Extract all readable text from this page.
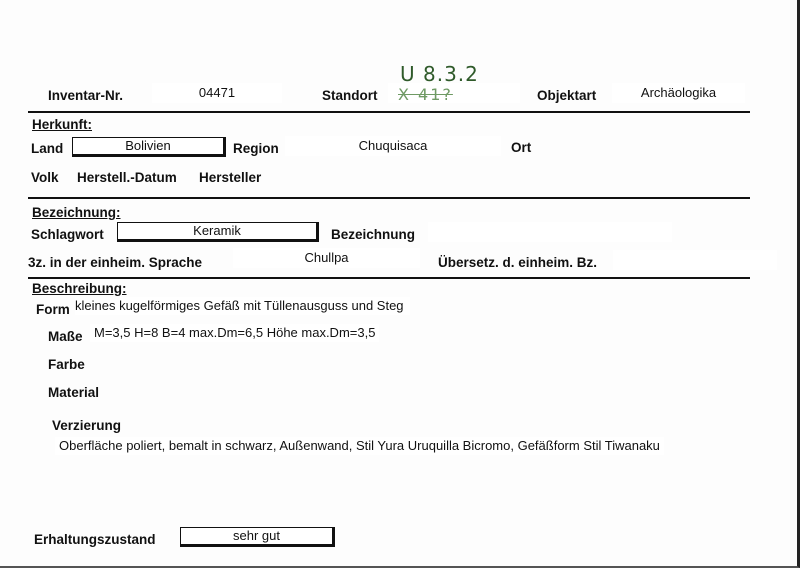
Inventar-Nr.	04471	Standort
U 8.3.2
X 41?	Objektart	Archäologika
Herkunft:
Land	Bolivien	Region	Chuquisaca	Ort
Volk Herstell.-Datum Hersteller
Bezeichnung:
Schlagwort	Keramik	Bezeichnung
3z. in der einheim. Sprache	Chullpa	Übersetz. d. einheim. Bz.
Beschreibung:
Form kleines kugelförmiges Gefäß mit Tüllenausguss und Steg
Maße M=3,5 H=8 B=4 max.Dm=6,5 Höhe max.Dm=3,5
Farbe
Material
Verzierung
Oberfläche poliert, bemalt in schwarz, Außenwand, Stil Yura Uruquilla Bicromo, Gefäßform Stil Tiwanaku
Erhaltungszustand	sehr gut
